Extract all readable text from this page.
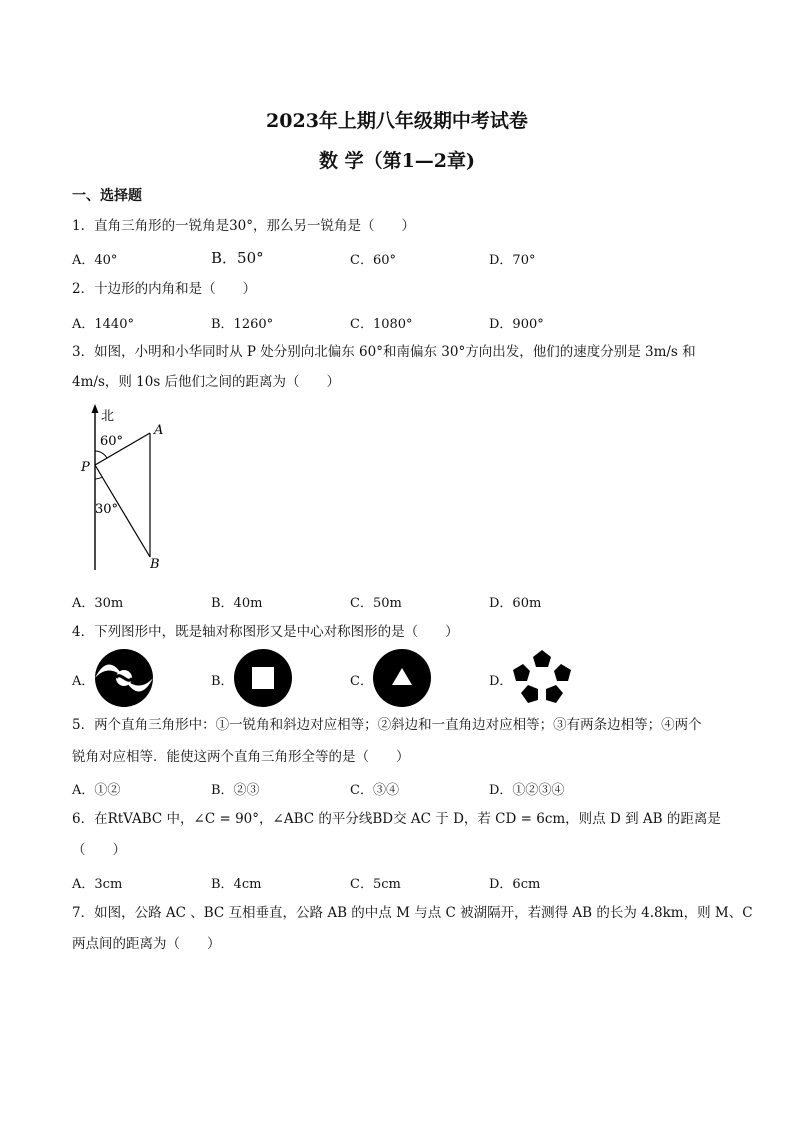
2023年上期八年级期中考试卷
数 学（第1—2章)
一、选择题
1．直角三角形的一锐角是30°，那么另一锐角是（　　）
A．40°	B．50°	C．60°	D．70°
2．十边形的内角和是（　　）
A．1440°	B．1260°	C．1080°	D．900°
3．如图，小明和小华同时从 P 处分别向北偏东 60°和南偏东 30°方向出发，他们的速度分别是 3m/s 和
4m/s，则 10s 后他们之间的距离为（　　）
北
60°
30°
P
A
B
A．30m	B．40m	C．50m	D．60m
4．下列图形中，既是轴对称图形又是中心对称图形的是（　　）
A．	B．	C．	D．
5．两个直角三角形中：①一锐角和斜边对应相等；②斜边和一直角边对应相等；③有两条边相等；④两个
锐角对应相等．能使这两个直角三角形全等的是（　　）
A．①②	B．②③	C．③④	D．①②③④
6．在RtVABC 中，∠C = 90°，∠ABC 的平分线BD交 AC 于 D，若 CD = 6cm，则点 D 到 AB 的距离是
（　　）
A．3cm	B．4cm	C．5cm	D．6cm
7．如图，公路 AC 、BC 互相垂直，公路 AB 的中点 M 与点 C 被湖隔开，若测得 AB 的长为 4.8km，则 M、C
两点间的距离为（　　）
